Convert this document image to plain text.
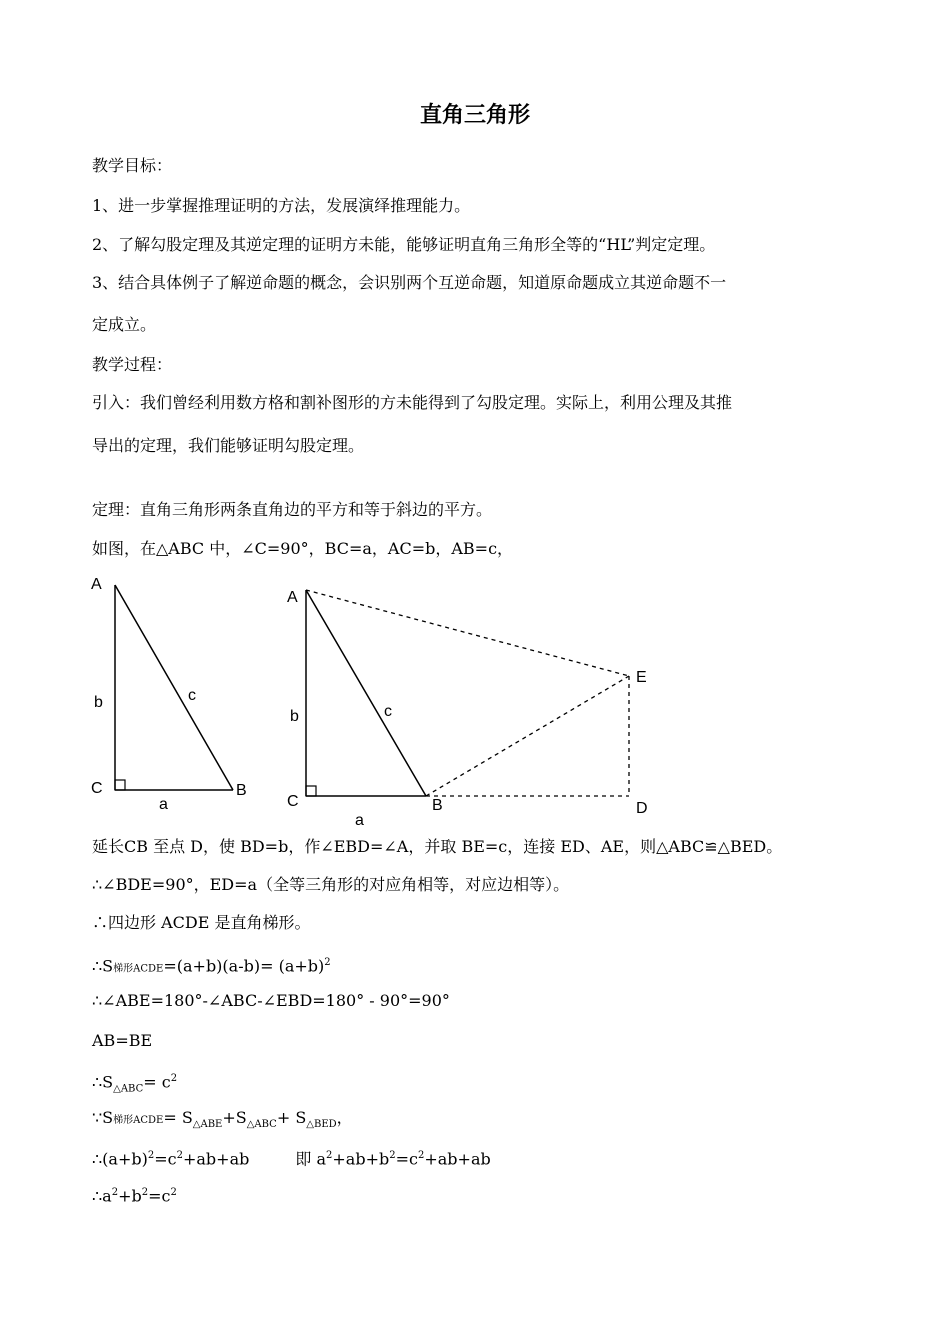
直角三角形
教学目标：
1、进一步掌握推理证明的方法，发展演绎推理能力。
2、了解勾股定理及其逆定理的证明方未能，能够证明直角三角形全等的“HL”判定定理。
3、结合具体例子了解逆命题的概念，会识别两个互逆命题，知道原命题成立其逆命题不一
定成立。
教学过程：
引入：我们曾经利用数方格和割补图形的方未能得到了勾股定理。实际上，利用公理及其推
导出的定理，我们能够证明勾股定理。
定理：直角三角形两条直角边的平方和等于斜边的平方。
如图，在△ABC 中，∠C=90°，BC=a，AC=b，AB=c，
A
b	c
C	B
a
A
b	c
E
C	B	D
a
延长CB 至点 D，使 BD=b，作∠EBD=∠A，并取 BE=c，连接 ED、AE，则△ABC≌△BED。
∴∠BDE=90°，ED=a（全等三角形的对应角相等，对应边相等）。
∴四边形 ACDE 是直角梯形。
∴S梯形ACDE=(a+b)(a-b)= $(a+b)^2$
∴∠ABE=180°-∠ABC-∠EBD=180° - 90°=90°
AB=BE
$\therefore S_{\triangle ABC}= c^2$
∵S梯形ACDE= $S_{\triangle ABE}+S_{\triangle ABC}+ S_{\triangle BED}$，
$\therefore(a+b)^2=c^2+ab+ab$	即 $a^2+ab+b^2=c^2+ab+ab$
$\therefore a^2+b^2=c^2$
